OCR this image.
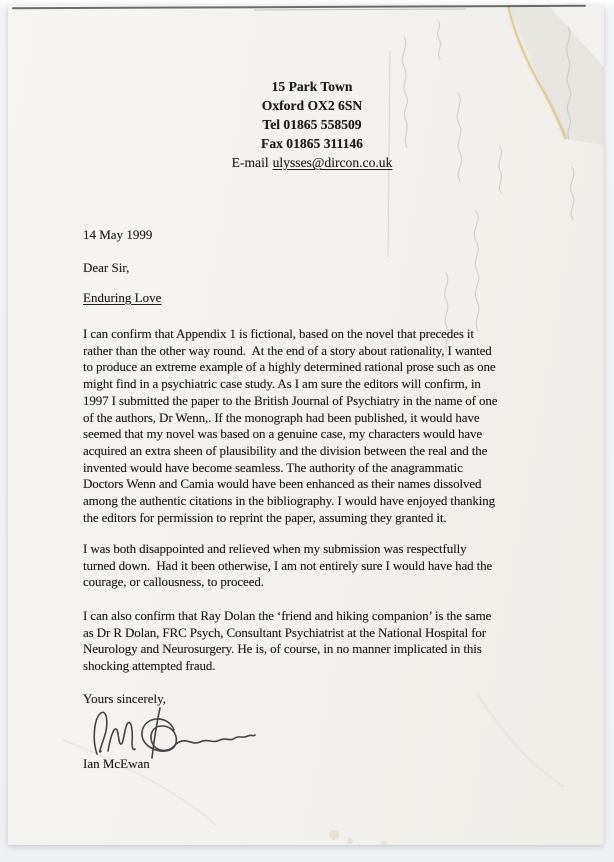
15 Park Town
Oxford OX2 6SN
Tel 01865 558509
Fax 01865 311146
E-mail ulysses@dircon.co.uk
14 May 1999
Dear Sir,
Enduring Love
I can confirm that Appendix 1 is fictional, based on the novel that precedes it
rather than the other way round.  At the end of a story about rationality, I wanted
to produce an extreme example of a highly determined rational prose such as one
might find in a psychiatric case study. As I am sure the editors will confirm, in
1997 I submitted the paper to the British Journal of Psychiatry in the name of one
of the authors, Dr Wenn,. If the monograph had been published, it would have
seemed that my novel was based on a genuine case, my characters would have
acquired an extra sheen of plausibility and the division between the real and the
invented would have become seamless. The authority of the anagrammatic
Doctors Wenn and Camia would have been enhanced as their names dissolved
among the authentic citations in the bibliography. I would have enjoyed thanking
the editors for permission to reprint the paper, assuming they granted it.
I was both disappointed and relieved when my submission was respectfully
turned down.  Had it been otherwise, I am not entirely sure I would have had the
courage, or callousness, to proceed.
I can also confirm that Ray Dolan the ‘friend and hiking companion’ is the same
as Dr R Dolan, FRC Psych, Consultant Psychiatrist at the National Hospital for
Neurology and Neurosurgery. He is, of course, in no manner implicated in this
shocking attempted fraud.
Yours sincerely,
Ian McEwan
